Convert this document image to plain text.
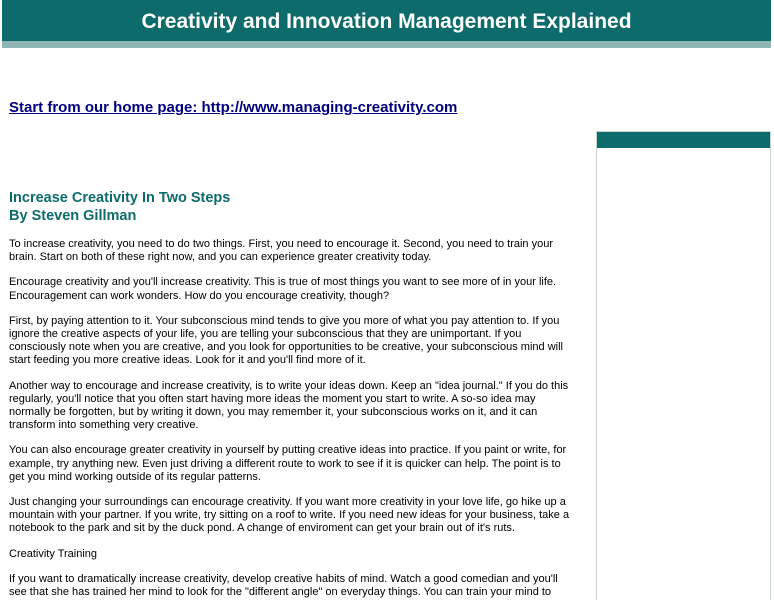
Creativity and Innovation Management Explained
Start from our home page: http://www.managing-creativity.com
Increase Creativity In Two Steps
By Steven Gillman

To increase creativity, you need to do two things. First, you need to encourage it. Second, you need to train your brain. Start on both of these right now, and you can experience greater creativity today.

Encourage creativity and you'll increase creativity. This is true of most things you want to see more of in your life. Encouragement can work wonders. How do you encourage creativity, though?

First, by paying attention to it. Your subconscious mind tends to give you more of what you pay attention to. If you ignore the creative aspects of your life, you are telling your subconscious that they are unimportant. If you consciously note when you are creative, and you look for opportunities to be creative, your subconscious mind will start feeding you more creative ideas. Look for it and you'll find more of it.

Another way to encourage and increase creativity, is to write your ideas down. Keep an "idea journal." If you do this regularly, you'll notice that you often start having more ideas the moment you start to write. A so-so idea may normally be forgotten, but by writing it down, you may remember it, your subconscious works on it, and it can transform into something very creative.

You can also encourage greater creativity in yourself by putting creative ideas into practice. If you paint or write, for example, try anything new. Even just driving a different route to work to see if it is quicker can help. The point is to get you mind working outside of its regular patterns.

Just changing your surroundings can encourage creativity. If you want more creativity in your love life, go hike up a mountain with your partner. If you write, try sitting on a roof to write. If you need new ideas for your business, take a notebook to the park and sit by the duck pond. A change of enviroment can get your brain out of it's ruts.

Creativity Training

If you want to dramatically increase creativity, develop creative habits of mind. Watch a good comedian and you'll see that she has trained her mind to look for the "different angle" on everyday things. You can train your mind to
